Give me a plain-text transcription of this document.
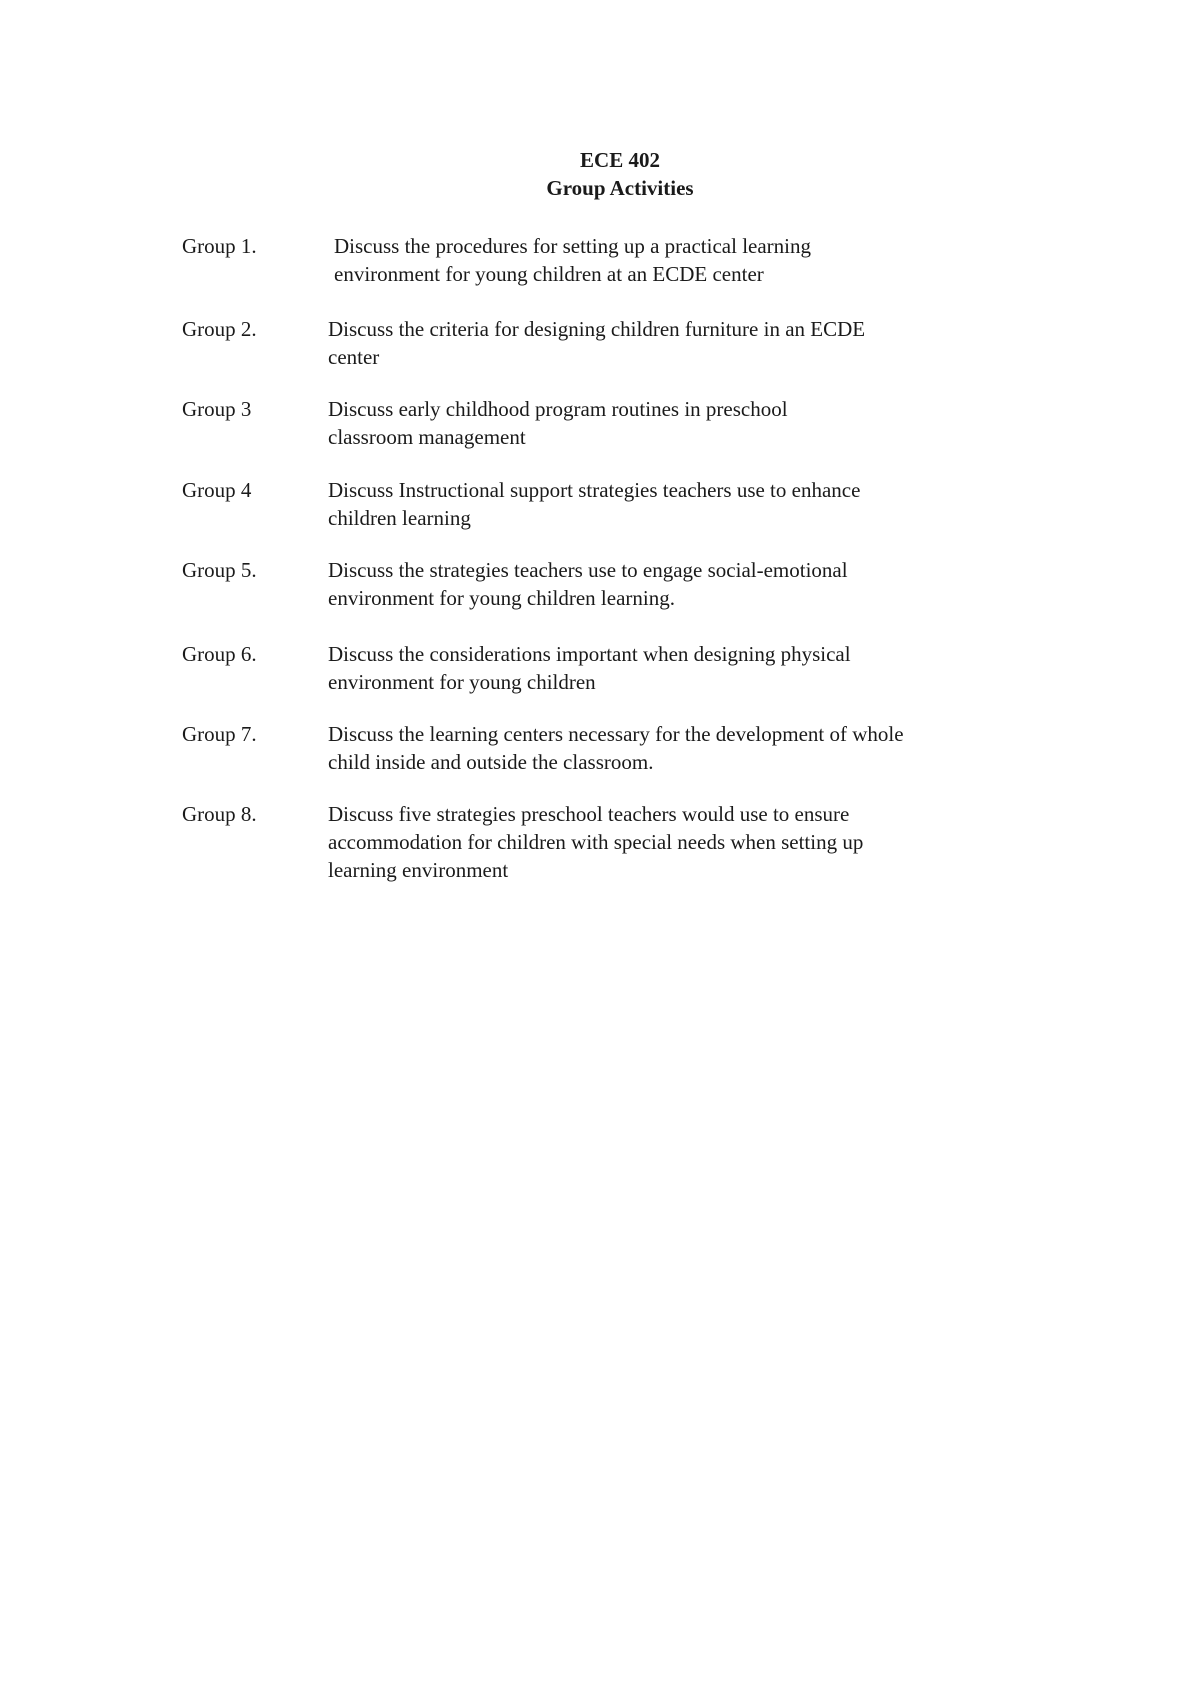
ECE 402
Group Activities
Group 1.	Discuss the procedures for setting up a practical learning
environment for young children at an ECDE center
Group 2.	Discuss the criteria for designing children furniture in an ECDE
center
Group 3	Discuss early childhood program routines in preschool
classroom management
Group 4	Discuss Instructional support strategies teachers use to enhance
children learning
Group 5.	Discuss the strategies teachers use to engage social-emotional
environment for young children learning.
Group 6.	Discuss the considerations important when designing physical
environment for young children
Group 7.	Discuss the learning centers necessary for the development of whole
child inside and outside the classroom.
Group 8.	Discuss five strategies preschool teachers would use to ensure
accommodation for children with special needs when setting up
learning environment
